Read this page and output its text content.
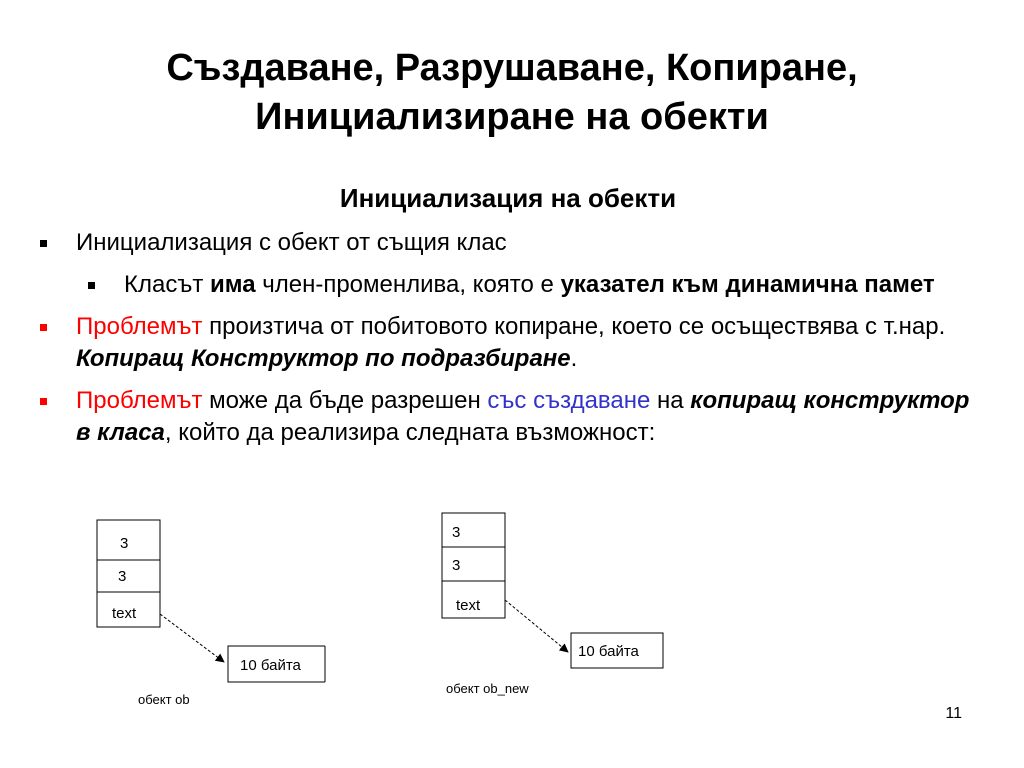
Създаване, Разрушаване, Копиране,
Инициализиране на обекти
Инициализация на обекти
Инициализация с обект от същия клас
Класът има член-променлива, която е указател към динамична памет
Проблемът произтича от побитовото копиране, което се осъществява с т.нар. Копиращ Конструктор по подразбиране.
Проблемът може да бъде разрешен със създаване на копиращ конструктор в класа, който да реализира следната възможност:
3
3
text
10 байта
обект ob
3
3
text
10 байта
обект ob_new
11
